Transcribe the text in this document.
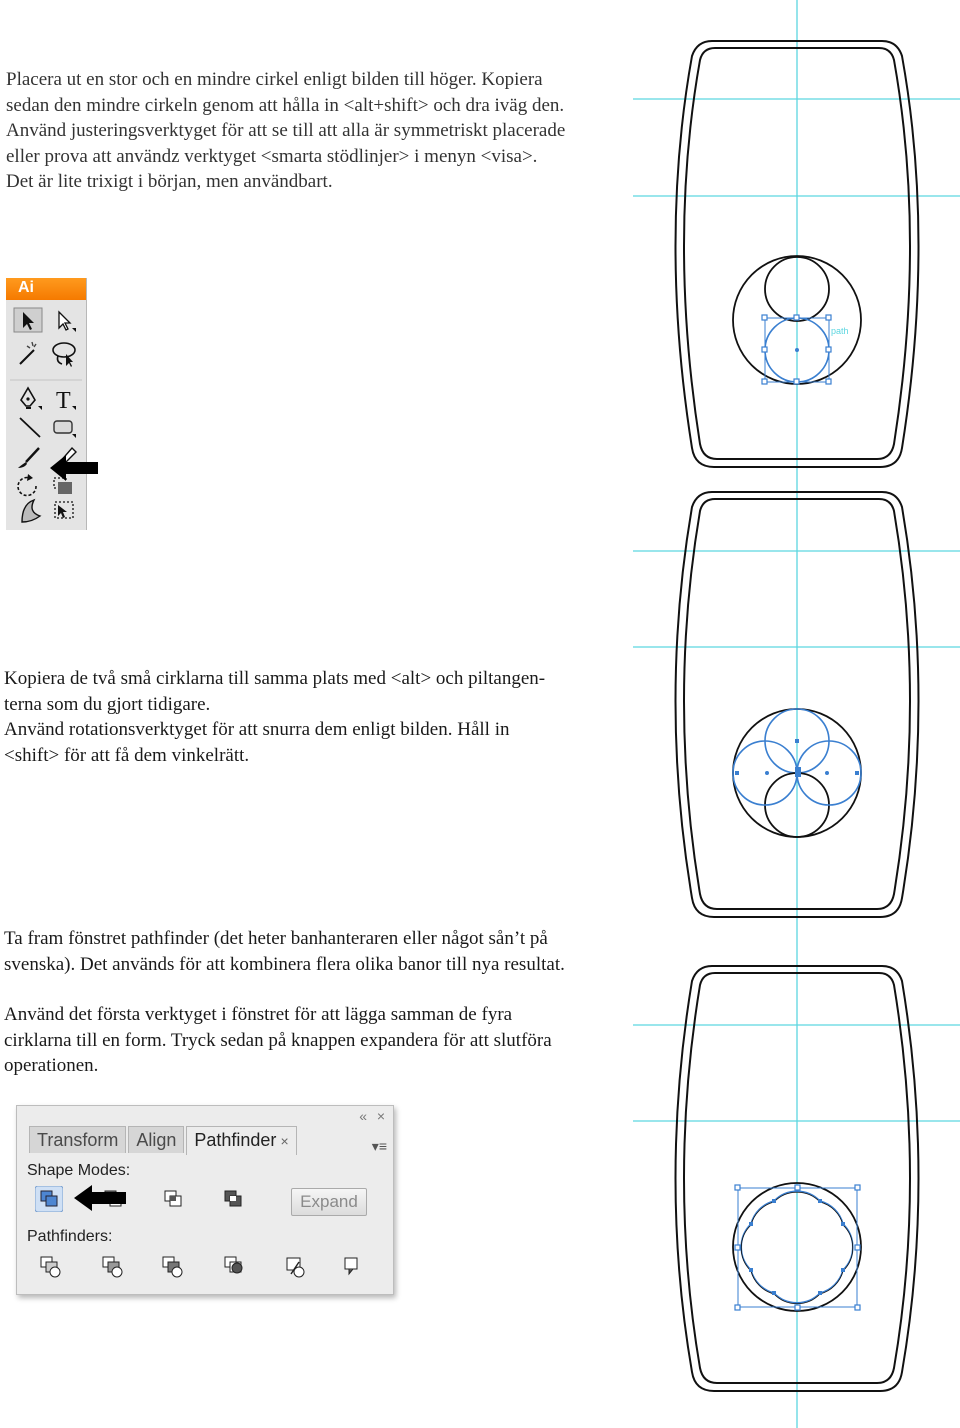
Placera ut en stor och en mindre cirkel enligt bilden till höger. Kopiera
sedan den mindre cirkeln genom att hålla in <alt+shift> och dra iväg den.
Använd justeringsverktyget för att se till att alla är symmetriskt placerade
eller prova att användz verktyget <smarta stödlinjer> i menyn <visa>.
Det är lite trixigt i början, men användbart.
Ai
T
Kopiera de två små cirklarna till samma plats med <alt> och piltangen-
terna som du gjort tidigare.
Använd rotationsverktyget för att snurra dem enligt bilden. Håll in
<shift> för att få dem vinkelrätt.
Ta fram fönstret pathfinder (det heter banhanteraren eller något sån’t på
svenska). Det används för att kombinera flera olika banor till nya resultat.
Använd det första verktyget i fönstret för att lägga samman de fyra
cirklarna till en form. Tryck sedan på knappen expandera för att slutföra
operationen.
path
« ×
Transform	Align	Pathfinder ×	▾≡
Shape Modes:
Expand
Pathfinders:
